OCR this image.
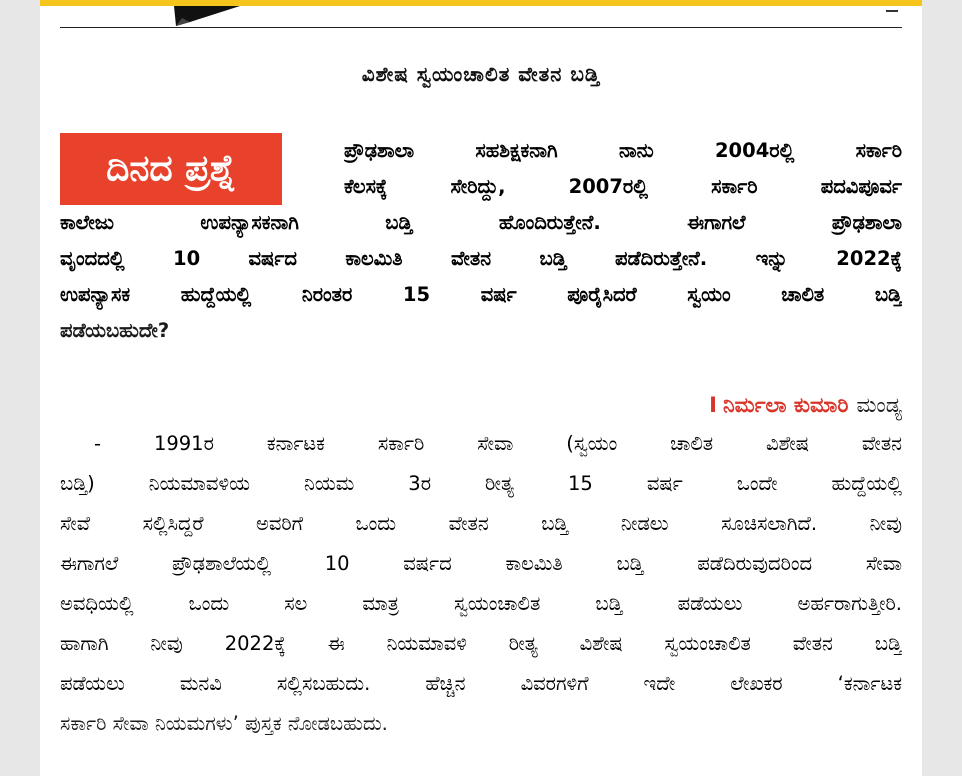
ವಿಶೇಷ ಸ್ವಯಂಚಾಲಿತ ವೇತನ ಬಡ್ತಿ
ದಿನದ ಪ್ರಶ್ನೆ	ಪ್ರೌಢಶಾಲಾ ಸಹಶಿಕ್ಷಕನಾಗಿ ನಾನು 2004ರಲ್ಲಿ ಸರ್ಕಾರಿ
ಕೆಲಸಕ್ಕೆ ಸೇರಿದ್ದು, 2007ರಲ್ಲಿ ಸರ್ಕಾರಿ ಪದವಿಪೂರ್ವ
ಕಾಲೇಜು ಉಪನ್ಯಾಸಕನಾಗಿ ಬಡ್ತಿ ಹೊಂದಿರುತ್ತೇನೆ. ಈಗಾಗಲೆ ಪ್ರೌಢಶಾಲಾ
ವೃಂದದಲ್ಲಿ 10 ವರ್ಷದ ಕಾಲಮಿತಿ ವೇತನ ಬಡ್ತಿ ಪಡೆದಿರುತ್ತೇನೆ. ಇನ್ನು 2022ಕ್ಕೆ
ಉಪನ್ಯಾಸಕ ಹುದ್ದೆಯಲ್ಲಿ ನಿರಂತರ 15 ವರ್ಷ ಪೂರೈಸಿದರೆ ಸ್ವಯಂ ಚಾಲಿತ ಬಡ್ತಿ
ಪಡೆಯಬಹುದೇ?
I ನಿರ್ಮಲಾ ಕುಮಾರಿ ಮಂಡ್ಯ
- 1991ರ ಕರ್ನಾಟಕ ಸರ್ಕಾರಿ ಸೇವಾ (ಸ್ವಯಂ ಚಾಲಿತ ವಿಶೇಷ ವೇತನ
ಬಡ್ತಿ) ನಿಯಮಾವಳಿಯ ನಿಯಮ 3ರ ರೀತ್ಯ 15 ವರ್ಷ ಒಂದೇ ಹುದ್ದೆಯಲ್ಲಿ
ಸೇವೆ ಸಲ್ಲಿಸಿದ್ದರೆ ಅವರಿಗೆ ಒಂದು ವೇತನ ಬಡ್ತಿ ನೀಡಲು ಸೂಚಿಸಲಾಗಿದೆ. ನೀವು
ಈಗಾಗಲೆ ಪ್ರೌಢಶಾಲೆಯಲ್ಲಿ 10 ವರ್ಷದ ಕಾಲಮಿತಿ ಬಡ್ತಿ ಪಡೆದಿರುವುದರಿಂದ ಸೇವಾ
ಅವಧಿಯಲ್ಲಿ ಒಂದು ಸಲ ಮಾತ್ರ ಸ್ವಯಂಚಾಲಿತ ಬಡ್ತಿ ಪಡೆಯಲು ಅರ್ಹರಾಗುತ್ತೀರಿ.
ಹಾಗಾಗಿ ನೀವು 2022ಕ್ಕೆ ಈ ನಿಯಮಾವಳಿ ರೀತ್ಯ ವಿಶೇಷ ಸ್ವಯಂಚಾಲಿತ ವೇತನ ಬಡ್ತಿ
ಪಡೆಯಲು ಮನವಿ ಸಲ್ಲಿಸಬಹುದು. ಹೆಚ್ಚಿನ ವಿವರಗಳಿಗೆ ಇದೇ ಲೇಖಕರ ‘ಕರ್ನಾಟಕ
ಸರ್ಕಾರಿ ಸೇವಾ ನಿಯಮಗಳು’ ಪುಸ್ತಕ ನೋಡಬಹುದು.
